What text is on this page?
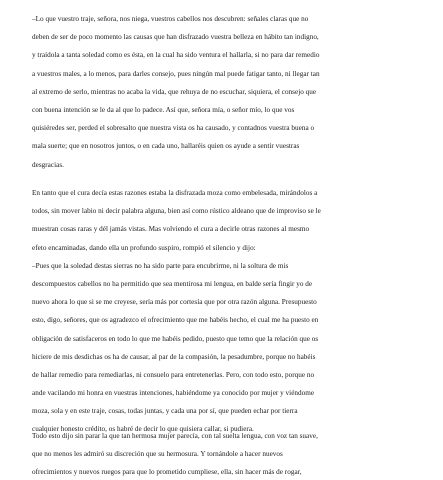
–Lo que vuestro traje, señora, nos niega, vuestros cabellos nos descubren: señales claras que no
deben de ser de poco momento las causas que han disfrazado vuestra belleza en hábito tan indigno,
y traídola a tanta soledad como es ésta, en la cual ha sido ventura el hallarla, si no para dar remedio
a vuestros males, a lo menos, para darles consejo, pues ningún mal puede fatigar tanto, ni llegar tan
al extremo de serlo, mientras no acaba la vida, que rehuya de no escuchar, siquiera, el consejo que
con buena intención se le da al que lo padece. Así que, señora mía, o señor mío, lo que vos
quisiéredes ser, perded el sobresalto que nuestra vista os ha causado, y contadnos vuestra buena o
mala suerte; que en nosotros juntos, o en cada uno, hallaréis quien os ayude a sentir vuestras
desgracias.
En tanto que el cura decía estas razones estaba la disfrazada moza como embelesada, mirándolos a
todos, sin mover labio ni decir palabra alguna, bien así como rústico aldeano que de improviso se le
muestran cosas raras y dél jamás vistas. Mas volviendo el cura a decirle otras razones al mesmo
efeto encaminadas, dando ella un profundo suspiro, rompió el silencio y dijo:
–Pues que la soledad destas sierras no ha sido parte para encubrirme, ni la soltura de mis
descompuestos cabellos no ha permitido que sea mentirosa mi lengua, en balde sería fingir yo de
nuevo ahora lo que si se me creyese, sería más por cortesía que por otra razón alguna. Presupuesto
esto, digo, señores, que os agradezco el ofrecimiento que me habéis hecho, el cual me ha puesto en
obligación de satisfaceros en todo lo que me habéis pedido, puesto que temo que la relación que os
hiciere de mis desdichas os ha de causar, al par de la compasión, la pesadumbre, porque no habéis
de hallar remedio para remediarlas, ni consuelo para entretenerlas. Pero, con todo esto, porque no
ande vacilando mi honra en vuestras intenciones, habiéndome ya conocido por mujer y viéndome
moza, sola y en este traje, cosas, todas juntas, y cada una por sí, que pueden echar por tierra
cualquier honesto crédito, os habré de decir lo que quisiera callar, si pudiera.
Todo esto dijo sin parar la que tan hermosa mujer parecía, con tal suelta lengua, con voz tan suave,
que no menos les admiró su discreción que su hermosura. Y tornándole a hacer nuevos
ofrecimientos y nuevos ruegos para que lo prometido cumpliese, ella, sin hacer más de rogar,
